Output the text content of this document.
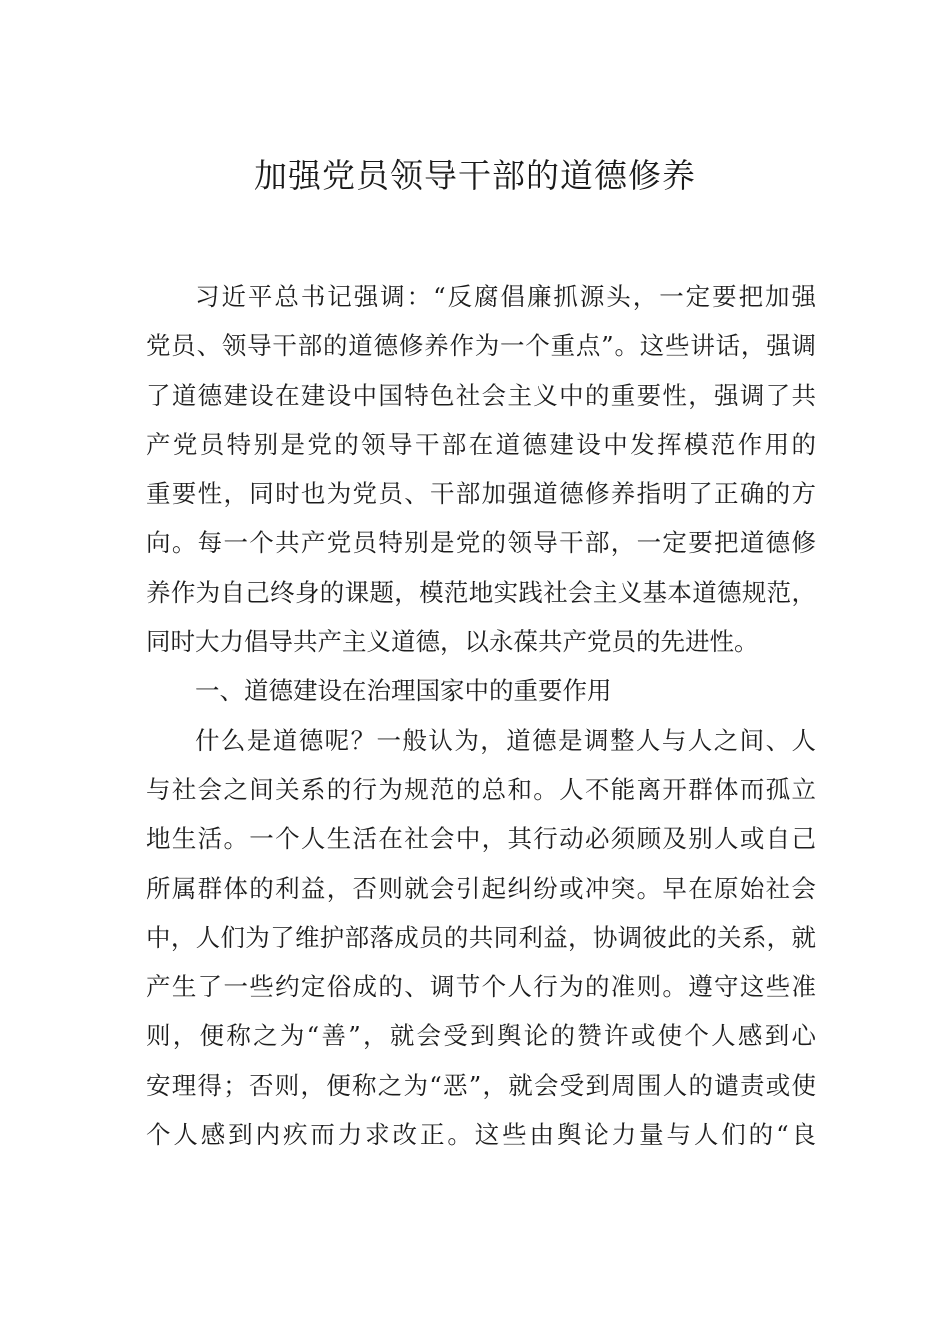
加强党员领导干部的道德修养
习近平总书记强调：“反腐倡廉抓源头，一定要把加强
党员、领导干部的道德修养作为一个重点”。这些讲话，强调
了道德建设在建设中国特色社会主义中的重要性，强调了共
产党员特别是党的领导干部在道德建设中发挥模范作用的
重要性，同时也为党员、干部加强道德修养指明了正确的方
向。每一个共产党员特别是党的领导干部，一定要把道德修
养作为自己终身的课题，模范地实践社会主义基本道德规范，
同时大力倡导共产主义道德，以永葆共产党员的先进性。
一、道德建设在治理国家中的重要作用
什么是道德呢？一般认为，道德是调整人与人之间、人
与社会之间关系的行为规范的总和。人不能离开群体而孤立
地生活。一个人生活在社会中，其行动必须顾及别人或自己
所属群体的利益，否则就会引起纠纷或冲突。早在原始社会
中，人们为了维护部落成员的共同利益，协调彼此的关系，就
产生了一些约定俗成的、调节个人行为的准则。遵守这些准
则，便称之为“善”，就会受到舆论的赞许或使个人感到心
安理得；否则，便称之为“恶”，就会受到周围人的谴责或使
个人感到内疚而力求改正。这些由舆论力量与人们的“良
